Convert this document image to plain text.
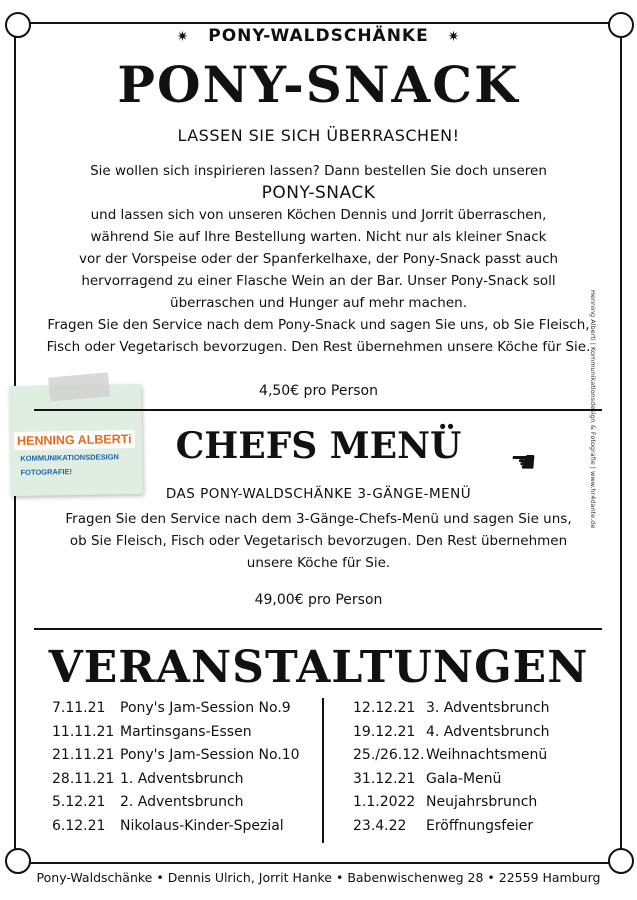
✷ PONY-WALDSCHÄNKE ✷
PONY-SNACK
LASSEN SIE SICH ÜBERRASCHEN!
Sie wollen sich inspirieren lassen? Dann bestellen Sie doch unseren
PONY-SNACK
und lassen sich von unseren Köchen Dennis und Jorrit überraschen,
während Sie auf Ihre Bestellung warten. Nicht nur als kleiner Snack
vor der Vorspeise oder der Spanferkelhaxe, der Pony-Snack passt auch
hervorragend zu einer Flasche Wein an der Bar. Unser Pony-Snack soll
überraschen und Hunger auf mehr machen.
Fragen Sie den Service nach dem Pony-Snack und sagen Sie uns, ob Sie Fleisch,
Fisch oder Vegetarisch bevorzugen. Den Rest übernehmen unsere Köche für Sie.
4,50€ pro Person
HENNING ALBERTi
KOMMUNIKATIONSDESIGN
FOTOGRAFIE!	Henning Alberti | Kommunikationsdesign & Fotografie | www.hr4dante.de
CHEFS MENÜ	☚
DAS PONY-WALDSCHÄNKE 3-GÄNGE-MENÜ
Fragen Sie den Service nach dem 3-Gänge-Chefs-Menü und sagen Sie uns,
ob Sie Fleisch, Fisch oder Vegetarisch bevorzugen. Den Rest übernehmen
unsere Köche für Sie.
49,00€ pro Person
VERANSTALTUNGEN
7.11.21 Pony's Jam-Session No.9
11.11.21 Martinsgans-Essen
21.11.21 Pony's Jam-Session No.10
28.11.21 1. Adventsbrunch
5.12.21 2. Adventsbrunch
6.12.21 Nikolaus-Kinder-Spezial
12.12.21 3. Adventsbrunch
19.12.21 4. Adventsbrunch
25./26.12. Weihnachtsmenü
31.12.21 Gala-Menü
1.1.2022 Neujahrsbrunch
23.4.22 Eröffnungsfeier
Pony-Waldschänke • Dennis Ulrich, Jorrit Hanke • Babenwischenweg 28 • 22559 Hamburg
